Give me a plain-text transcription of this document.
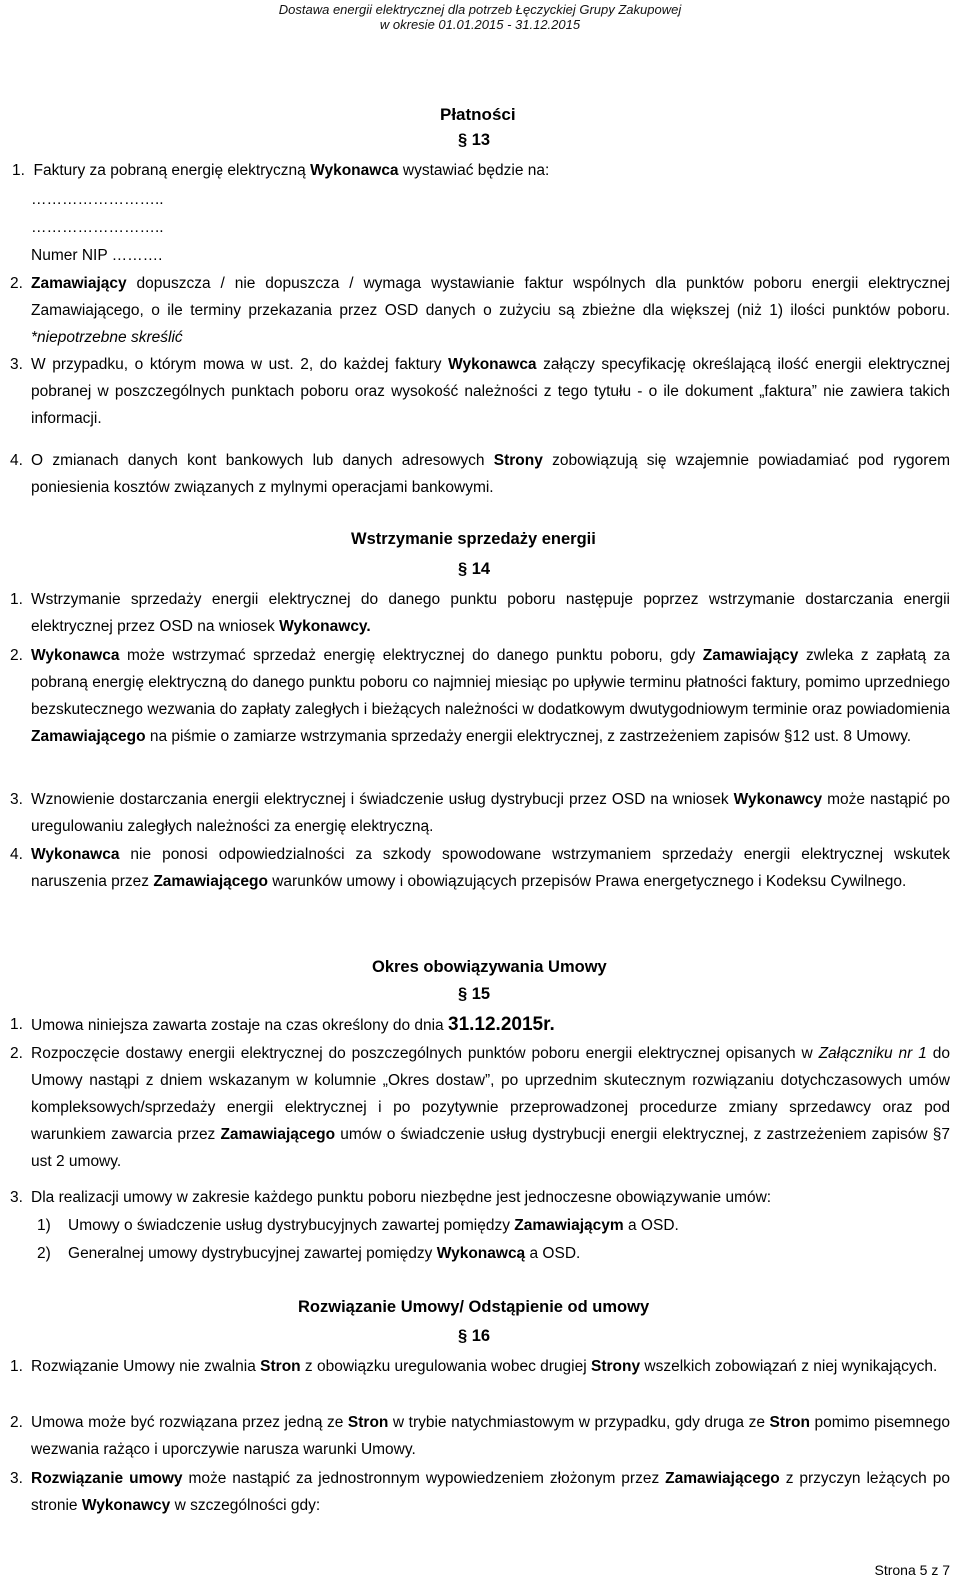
Dostawa energii elektrycznej dla potrzeb Łęczyckiej Grupy Zakupowej
w okresie 01.01.2015 - 31.12.2015
Płatności
§ 13
1.  Faktury za pobraną energię elektryczną Wykonawca wystawiać będzie na:
……………………..
……………………..
Numer NIP ……….
2. Zamawiający dopuszcza / nie dopuszcza / wymaga wystawianie faktur wspólnych dla punktów poboru energii elektrycznej Zamawiającego, o ile terminy przekazania przez OSD danych o zużyciu są zbieżne dla większej (niż 1) ilości punktów poboru. *niepotrzebne skreślić
3. W przypadku, o którym mowa w ust. 2, do każdej faktury Wykonawca załączy specyfikację określającą ilość energii elektrycznej pobranej w poszczególnych punktach poboru oraz wysokość należności z tego tytułu - o ile dokument „faktura” nie zawiera takich informacji.
4. O zmianach danych kont bankowych lub danych adresowych Strony zobowiązują się wzajemnie powiadamiać pod rygorem poniesienia kosztów związanych z mylnymi operacjami bankowymi.
Wstrzymanie sprzedaży energii
§ 14
1. Wstrzymanie sprzedaży energii elektrycznej do danego punktu poboru następuje poprzez wstrzymanie dostarczania energii elektrycznej przez OSD na wniosek Wykonawcy.
2. Wykonawca może wstrzymać sprzedaż energię elektrycznej do danego punktu poboru, gdy Zamawiający zwleka z zapłatą za pobraną energię elektryczną do danego punktu poboru co najmniej miesiąc po upływie terminu płatności faktury, pomimo uprzedniego bezskutecznego wezwania do zapłaty zaległych i bieżących należności w dodatkowym dwutygodniowym terminie oraz powiadomienia Zamawiającego na piśmie o zamiarze wstrzymania sprzedaży energii elektrycznej, z zastrzeżeniem zapisów §12 ust. 8 Umowy.
3. Wznowienie dostarczania energii elektrycznej i świadczenie usług dystrybucji przez OSD na wniosek Wykonawcy może nastąpić po uregulowaniu zaległych należności za energię elektryczną.
4. Wykonawca nie ponosi odpowiedzialności za szkody spowodowane wstrzymaniem sprzedaży energii elektrycznej wskutek naruszenia przez Zamawiającego warunków umowy i obowiązujących przepisów Prawa energetycznego i Kodeksu Cywilnego.
Okres obowiązywania Umowy
§ 15
1. Umowa niniejsza zawarta zostaje na czas określony do dnia 31.12.2015r.
2. Rozpoczęcie dostawy energii elektrycznej do poszczególnych punktów poboru energii elektrycznej opisanych w Załączniku nr 1 do Umowy nastąpi z dniem wskazanym w kolumnie „Okres dostaw”, po uprzednim skutecznym rozwiązaniu dotychczasowych umów kompleksowych/sprzedaży energii elektrycznej i po pozytywnie przeprowadzonej procedurze zmiany sprzedawcy oraz pod warunkiem zawarcia przez Zamawiającego umów o świadczenie usług dystrybucji energii elektrycznej, z zastrzeżeniem zapisów §7 ust 2 umowy.
3. Dla realizacji umowy w zakresie każdego punktu poboru niezbędne jest jednoczesne obowiązywanie umów:
1)    Umowy o świadczenie usług dystrybucyjnych zawartej pomiędzy Zamawiającym a OSD.
2)    Generalnej umowy dystrybucyjnej zawartej pomiędzy Wykonawcą a OSD.
Rozwiązanie Umowy/ Odstąpienie od umowy
§ 16
1. Rozwiązanie Umowy nie zwalnia Stron z obowiązku uregulowania wobec drugiej Strony wszelkich zobowiązań z niej wynikających.
2. Umowa może być rozwiązana przez jedną ze Stron w trybie natychmiastowym w przypadku, gdy druga ze Stron pomimo pisemnego wezwania rażąco i uporczywie narusza warunki Umowy.
3. Rozwiązanie umowy może nastąpić za jednostronnym wypowiedzeniem złożonym przez Zamawiającego z przyczyn leżących po stronie Wykonawcy w szczególności gdy:
Strona 5 z 7
